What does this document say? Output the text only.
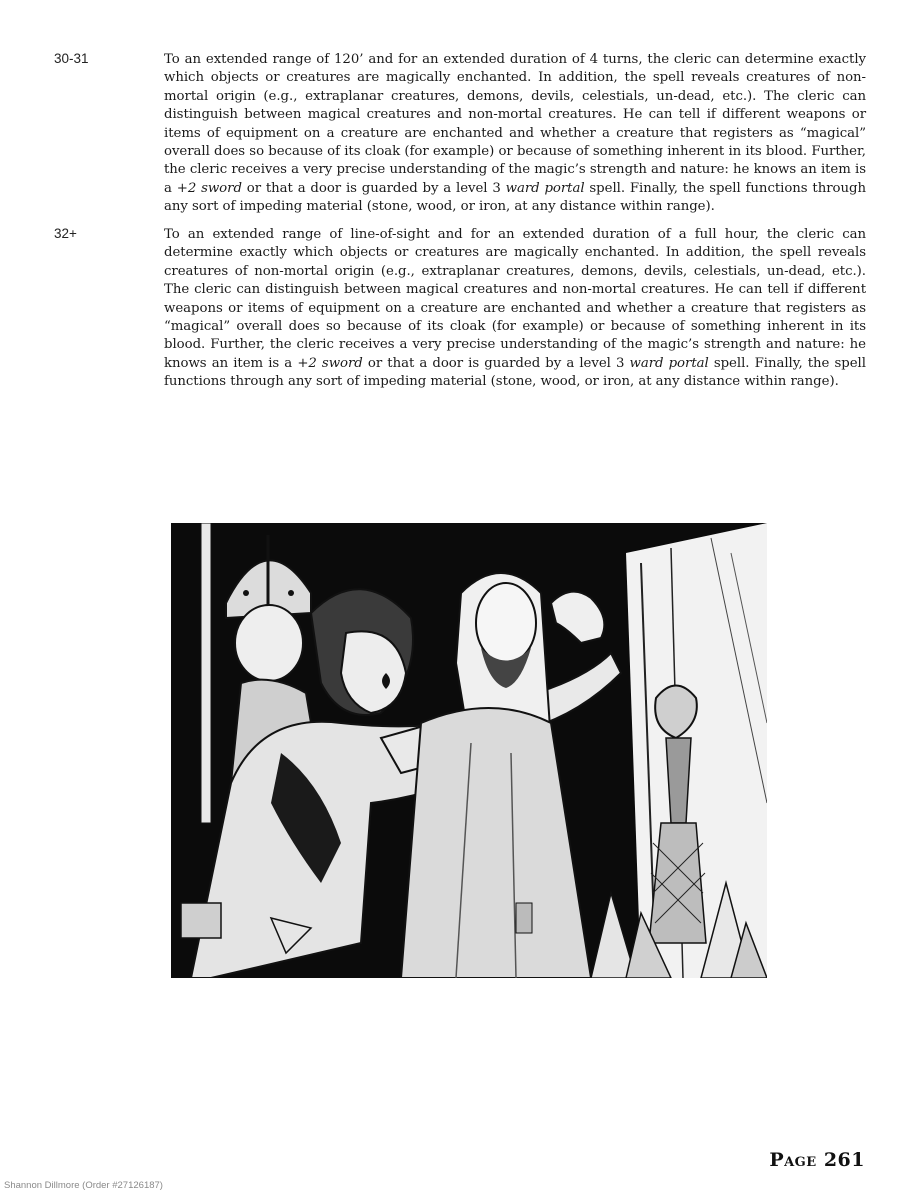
30-31	To an extended range of 120’ and for an extended duration of 4 turns, the cleric can determine exactly which objects or creatures are magically enchanted. In addition, the spell reveals creatures of non-mortal origin (e.g., extraplanar creatures, demons, devils, celestials, un-dead, etc.). The cleric can distinguish between magical creatures and non-mortal creatures. He can tell if different weapons or items of equipment on a creature are enchanted and whether a creature that registers as “magical” overall does so because of its cloak (for example) or because of something inherent in its blood. Further, the cleric receives a very precise understanding of the magic’s strength and nature: he knows an item is a +2 sword or that a door is guarded by a level 3 ward portal spell. Finally, the spell functions through any sort of impeding material (stone, wood, or iron, at any distance within range).
32+	To an extended range of line-of-sight and for an extended duration of a full hour, the cleric can determine exactly which objects or creatures are magically enchanted. In addition, the spell reveals creatures of non-mortal origin (e.g., extraplanar creatures, demons, devils, celestials, un-dead, etc.). The cleric can distinguish between magical creatures and non-mortal creatures. He can tell if different weapons or items of equipment on a creature are enchanted and whether a creature that registers as “magical” overall does so because of its cloak (for example) or because of something inherent in its blood. Further, the cleric receives a very precise understanding of the magic’s strength and nature: he knows an item is a +2 sword or that a door is guarded by a level 3 ward portal spell. Finally, the spell functions through any sort of impeding material (stone, wood, or iron, at any distance within range).
Page 261
Shannon Dillmore (Order #27126187)
